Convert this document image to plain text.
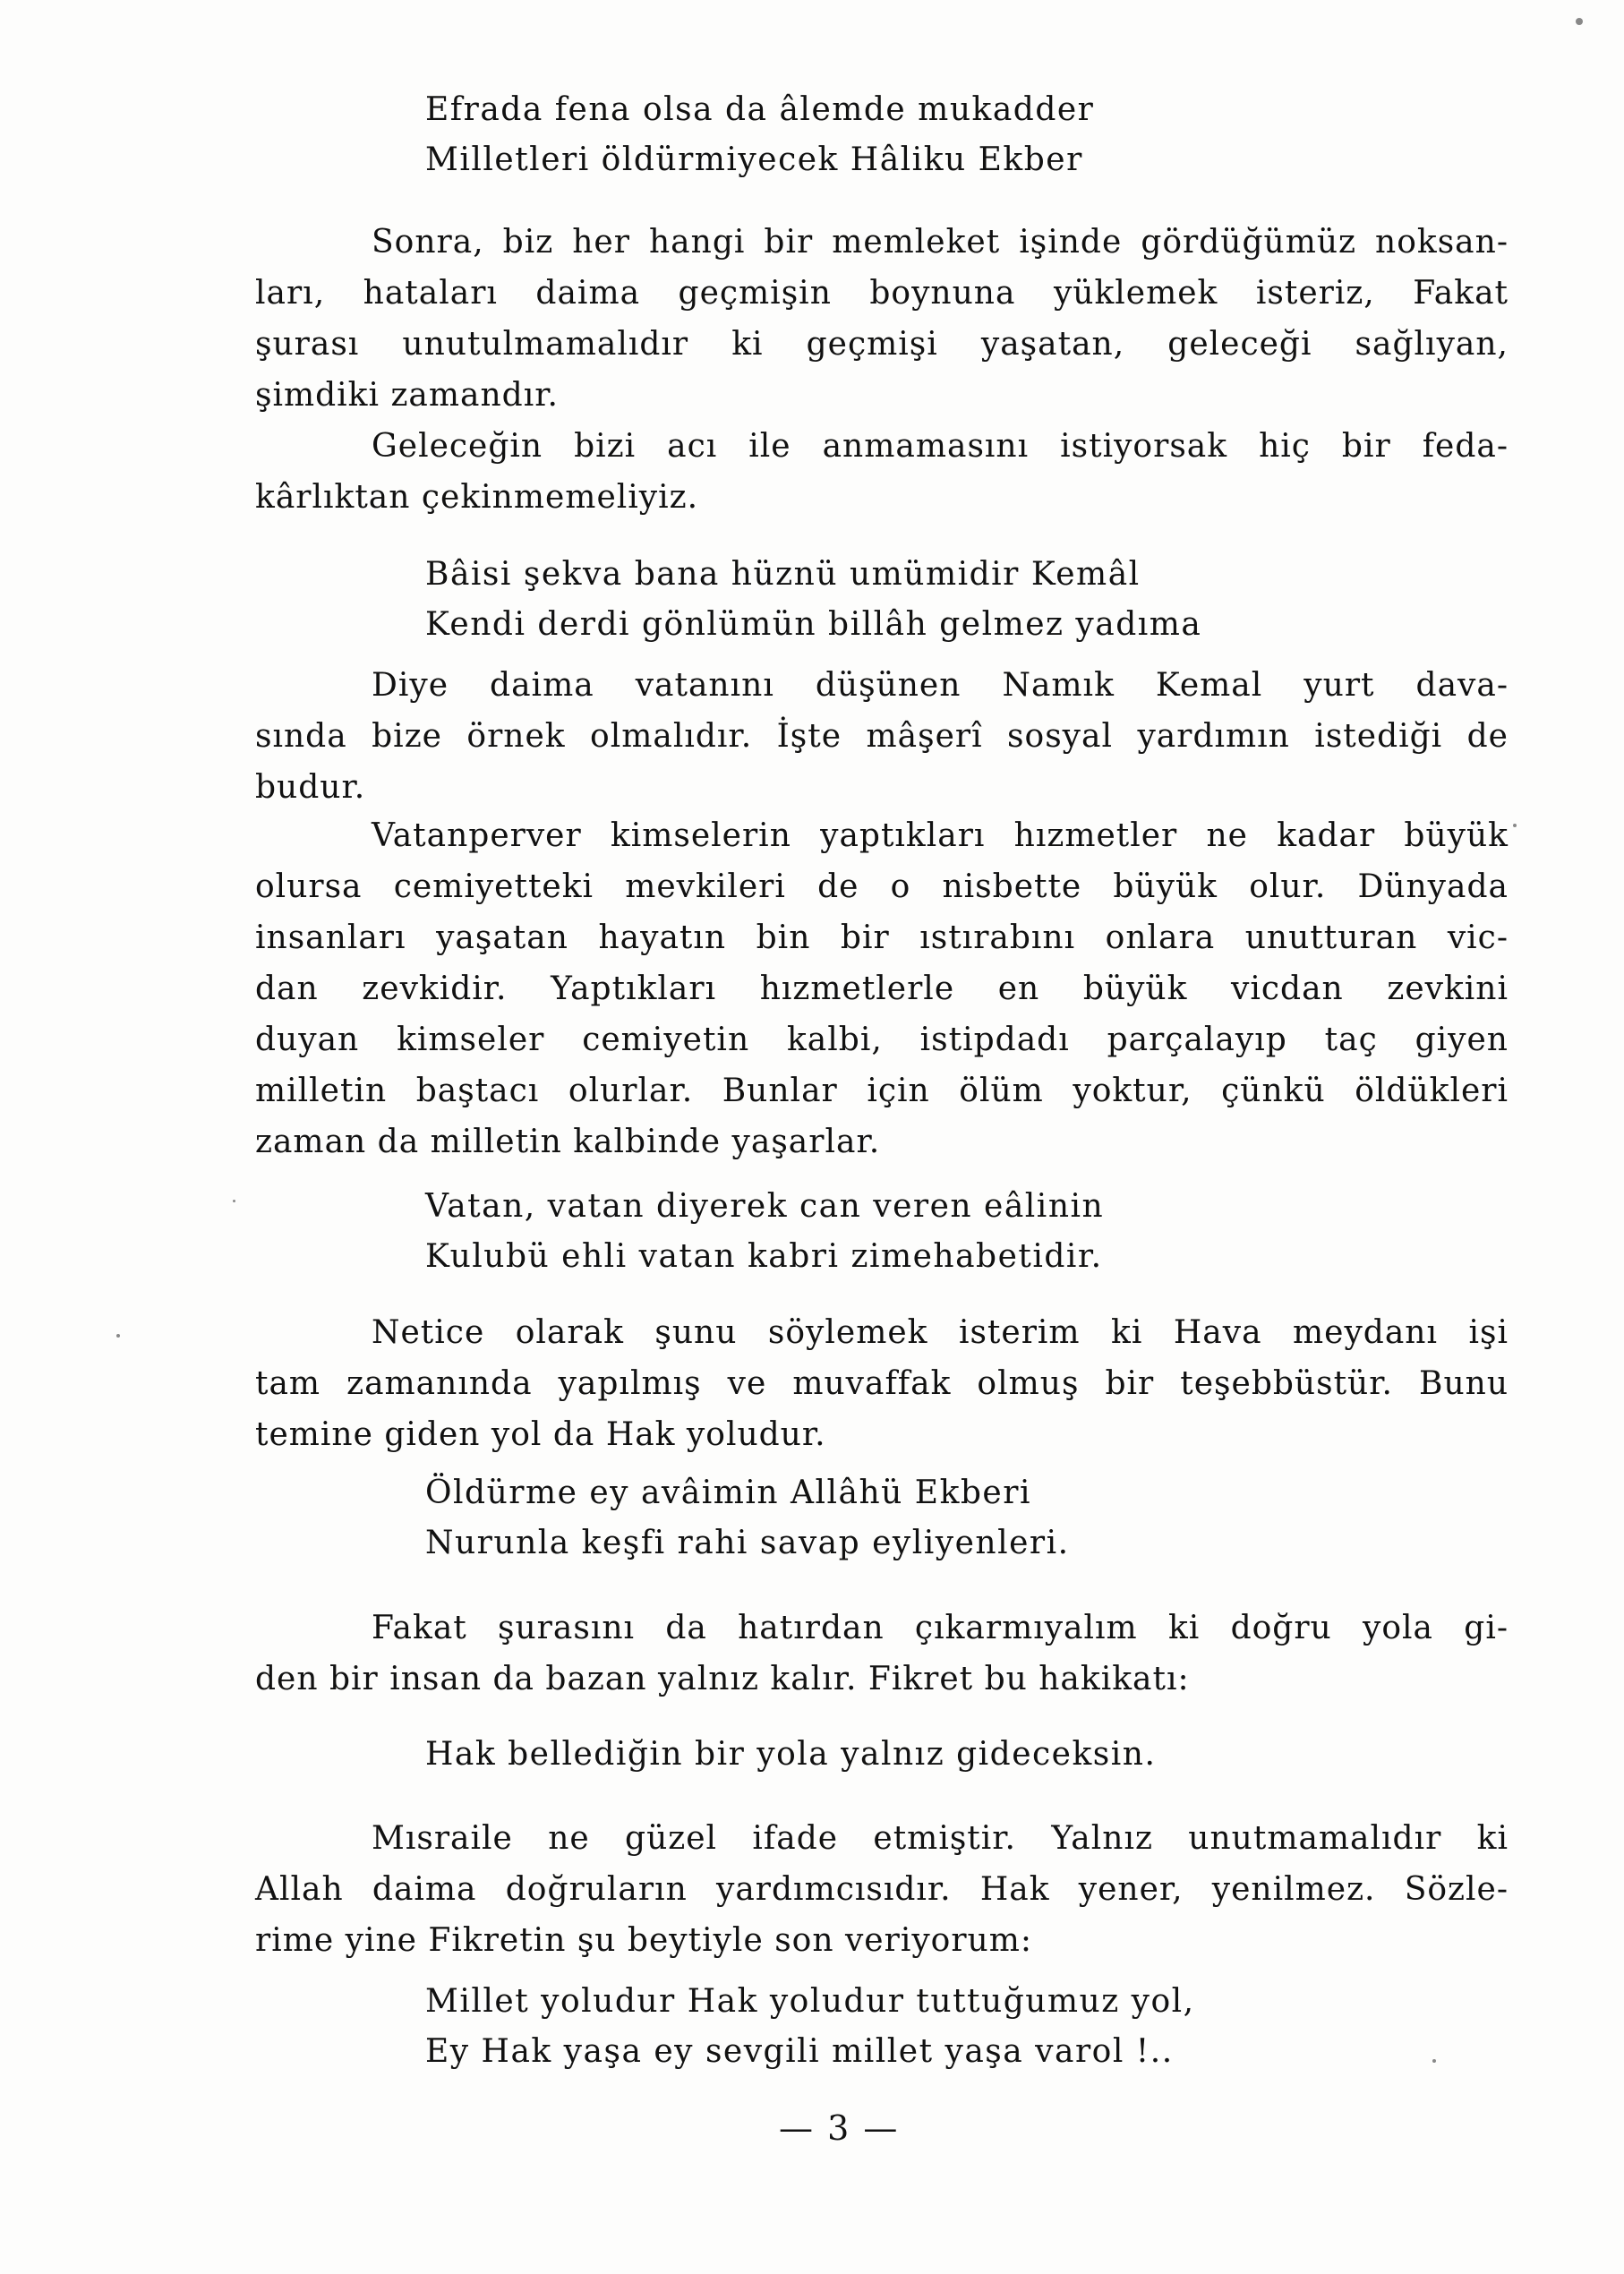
Efrada fena olsa da âlemde mukadder
Milletleri öldürmiyecek Hâliku Ekber
Sonra, biz her hangi bir memleket işinde gördüğümüz noksan-
ları, hataları daima geçmişin boynuna yüklemek isteriz, Fakat
şurası unutulmamalıdır ki geçmişi yaşatan, geleceği sağlıyan,
şimdiki zamandır.
Geleceğin bizi acı ile anmamasını istiyorsak hiç bir feda-
kârlıktan çekinmemeliyiz.
Bâisi şekva bana hüznü umümidir Kemâl
Kendi derdi gönlümün billâh gelmez yadıma
Diye daima vatanını düşünen Namık Kemal yurt dava-
sında bize örnek olmalıdır. İşte mâşerî sosyal yardımın istediği de
budur.
Vatanperver kimselerin yaptıkları hızmetler ne kadar büyük
olursa cemiyetteki mevkileri de o nisbette büyük olur. Dünyada
insanları yaşatan hayatın bin bir ıstırabını onlara unutturan vic-
dan zevkidir. Yaptıkları hızmetlerle en büyük vicdan zevkini
duyan kimseler cemiyetin kalbi, istipdadı parçalayıp taç giyen
milletin baştacı olurlar. Bunlar için ölüm yoktur, çünkü öldükleri
zaman da milletin kalbinde yaşarlar.
Vatan, vatan diyerek can veren eâlinin
Kulubü ehli vatan kabri zimehabetidir.
Netice olarak şunu söylemek isterim ki Hava meydanı işi
tam zamanında yapılmış ve muvaffak olmuş bir teşebbüstür. Bunu
temine giden yol da Hak yoludur.
Öldürme ey avâimin Allâhü Ekberi
Nurunla keşfi rahi savap eyliyenleri.
Fakat şurasını da hatırdan çıkarmıyalım ki doğru yola gi-
den bir insan da bazan yalnız kalır. Fikret bu hakikatı:
Hak bellediğin bir yola yalnız gideceksin.
Mısraile ne güzel ifade etmiştir. Yalnız unutmamalıdır ki
Allah daima doğruların yardımcısıdır. Hak yener, yenilmez. Sözle-
rime yine Fikretin şu beytiyle son veriyorum:
Millet yoludur Hak yoludur tuttuğumuz yol,
Ey Hak yaşa ey sevgili millet yaşa varol !..
— 3 —
